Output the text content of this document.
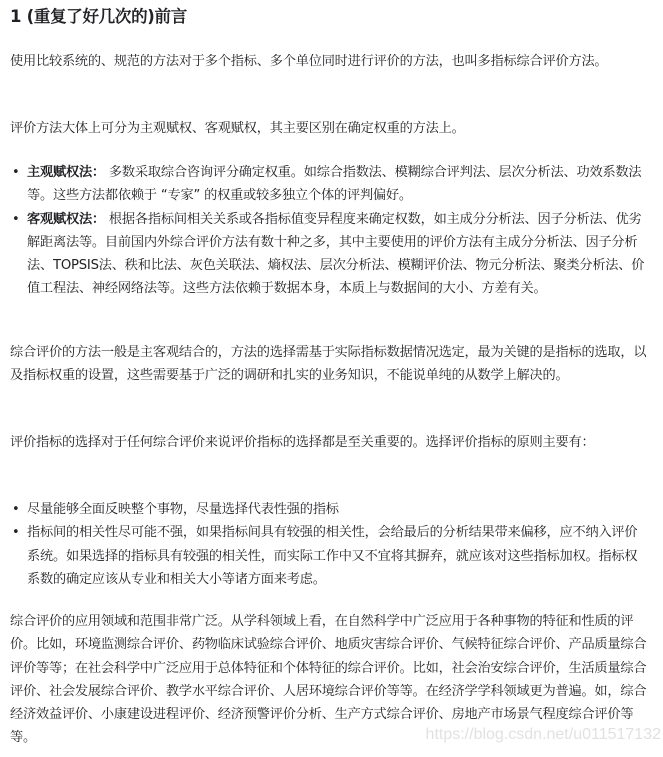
1 (重复了好几次的)前言

使用比较系统的、规范的方法对于多个指标、多个单位同时进行评价的方法，也叫多指标综合评价方法。

评价方法大体上可分为主观赋权、客观赋权，其主要区别在确定权重的方法上。

• 主观赋权法： 多数采取综合咨询评分确定权重。如综合指数法、模糊综合评判法、层次分析法、功效系数法等。这些方法都依赖于 “专家” 的权重或较多独立个体的评判偏好。
• 客观赋权法： 根据各指标间相关关系或各指标值变异程度来确定权数，如主成分分析法、因子分析法、优劣解距离法等。目前国内外综合评价方法有数十种之多，其中主要使用的评价方法有主成分分析法、因子分析法、TOPSIS法、秩和比法、灰色关联法、熵权法、层次分析法、模糊评价法、物元分析法、聚类分析法、价值工程法、神经网络法等。这些方法依赖于数据本身，本质上与数据间的大小、方差有关。

综合评价的方法一般是主客观结合的，方法的选择需基于实际指标数据情况选定，最为关键的是指标的选取，以及指标权重的设置，这些需要基于广泛的调研和扎实的业务知识，不能说单纯的从数学上解决的。

评价指标的选择对于任何综合评价来说评价指标的选择都是至关重要的。选择评价指标的原则主要有：

• 尽量能够全面反映整个事物，尽量选择代表性强的指标
• 指标间的相关性尽可能不强，如果指标间具有较强的相关性，会给最后的分析结果带来偏移，应不纳入评价系统。如果选择的指标具有较强的相关性，而实际工作中又不宜将其摒弃，就应该对这些指标加权。指标权系数的确定应该从专业和相关大小等诸方面来考虑。

综合评价的应用领域和范围非常广泛。从学科领域上看，在自然科学中广泛应用于各种事物的特征和性质的评价。比如，环境监测综合评价、药物临床试验综合评价、地质灾害综合评价、气候特征综合评价、产品质量综合评价等等；在社会科学中广泛应用于总体特征和个体特征的综合评价。比如，社会治安综合评价，生活质量综合评价、社会发展综合评价、教学水平综合评价、人居环境综合评价等等。在经济学学科领域更为普遍。如，综合经济效益评价、小康建设进程评价、经济预警评价分析、生产方式综合评价、房地产市场景气程度综合评价等等。	https://blog.csdn.net/u011517132
